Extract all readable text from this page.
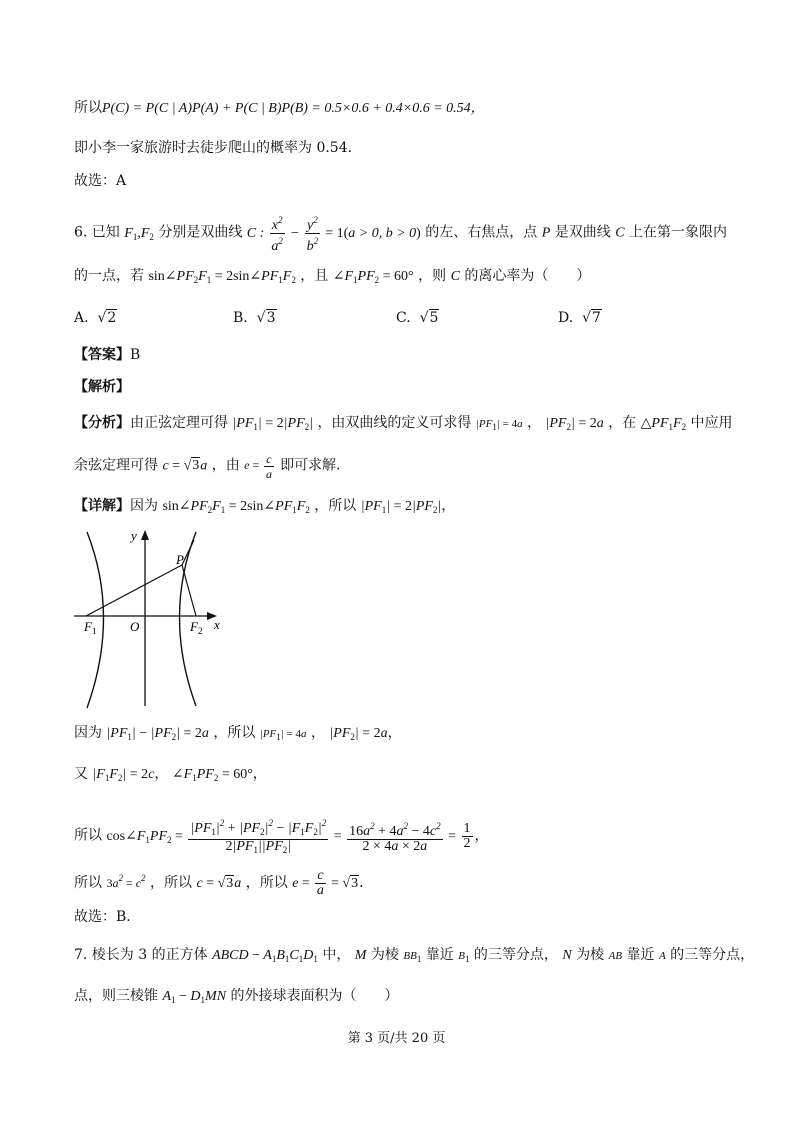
所以P(C) = P(C | A)P(A) + P(C | B)P(B) = 0.5×0.6 + 0.4×0.6 = 0.54，
即小李一家旅游时去徒步爬山的概率为 0.54．
故选：A
6. 已知 $F_1,F_2$ 分别是双曲线 C : $\frac{x^2}{a^2} - \frac{y^2}{b^2} = 1(a > 0$, b > 0) 的左、右焦点，点 P 是双曲线 C 上在第一象限内
的一点，若 $\sin\angle PF_2F_1$ = $2\sin\angle PF_1F_2$ ，且 $\angle F_1PF_2 = 60^\circ$ ，则 C 的离心率为（　　）
A.  √2	B.  √3	C.  √5	D.  √7
【答案】B
【解析】
【分析】由正弦定理可得 $|PF_1| = 2|PF_2|$ ，由双曲线的定义可求得 $|PF_1| = 4a$ ， $|PF_2| = 2a$ ，在 $\triangle PF_1F_2$ 中应用
余弦定理可得 c = √3a ，由 $e = \frac{c}{a}$ 即可求解.
【详解】因为 $\sin\angle PF_2F_1$ = $2\sin\angle PF_1F_2$ ，所以 $|PF_1| = 2|PF_2|$，
y
x
P
O
$F_1$	$F_2$
因为 $|PF_1| - |PF_2| = 2a$ ，所以 $|PF_1| = 4a$ ， $|PF_2| = 2a$，
又 $|F_1F_2| = 2c$， $\angle F_1PF_2 = 60^\circ$，
所以 $\cos\angle F_1PF_2 = \frac{|PF_1|^2 + |PF_2|^2 - |F_1F_2|^2}{2|PF_1||PF_2|} = \frac{16a^2 + 4a^2 - 4c^2}{2 \times 4a \times 2a} = \frac{1}{2}$ ，
所以 $3a^2 = c^2$ ，所以 c = √3a ，所以 $e = \frac{c}{a} = √3$．
故选：B．
7. 棱长为 3 的正方体 ABCD − $A_1B_1C_1D_1$ 中， M 为棱 $BB_1$ 靠近 $B_1$ 的三等分点， N 为棱 AB 靠近 A 的三等分点，
点，则三棱锥 $A_1 - D_1MN$ 的外接球表面积为（　　）
第 3 页/共 20 页
